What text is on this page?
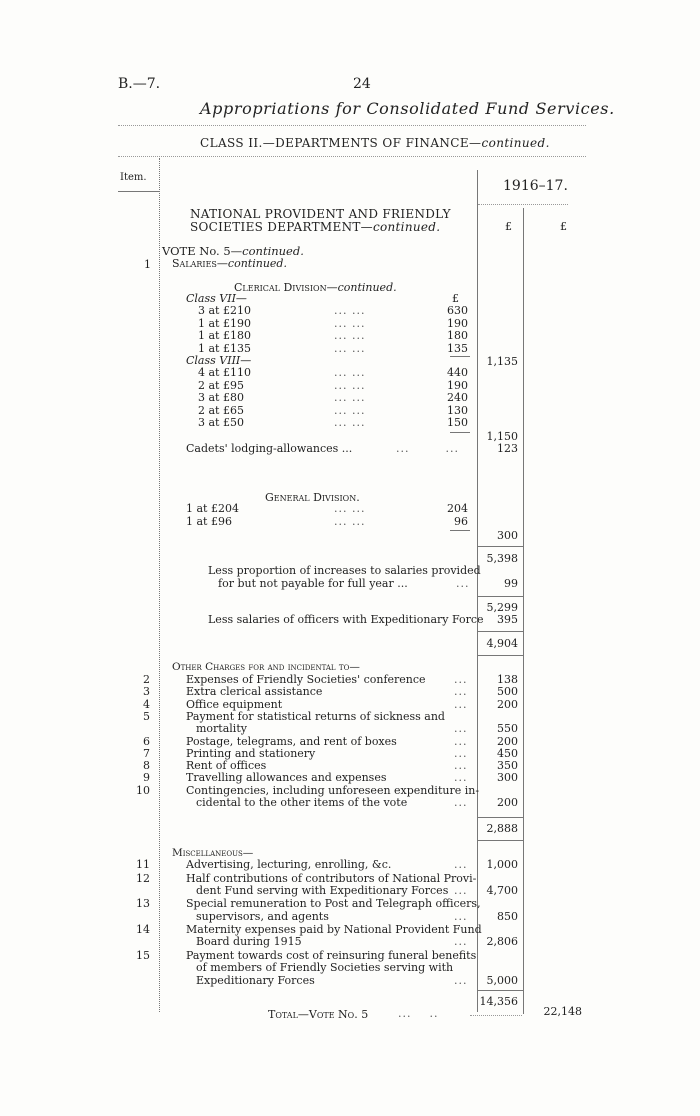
B.—7.	24
Appropriations for Consolidated Fund Services.
CLASS II.—DEPARTMENTS OF FINANCE—continued.
Item.
1916–17.
£	£
NATIONAL PROVIDENT AND FRIENDLY
SOCIETIES DEPARTMENT—continued.
VOTE No. 5—continued.
1 Salaries—continued.
Clerical Division—continued.
Class VII—	£
3 at £210	... ...	630
1 at £190	... ...	190
1 at £180	... ...	180
1 at £135	... ...	135
1,135
Class VIII—
4 at £110	... ...	440
2 at £95	... ...	190
3 at £80	... ...	240
2 at £65	... ...	130
3 at £50	... ...	150
1,150
Cadets' lodging-allowances ...	...        ...	123
General Division.
1 at £204	... ...	204
1 at £96	... ...	96
300
5,398
Less proportion of increases to salaries provided
for but not payable for full year ...	...	99
5,299
Less salaries of officers with Expeditionary Force	395
4,904
Other Charges for and incidental to—
2	Expenses of Friendly Societies' conference	...	138
3	Extra clerical assistance	...	500
4	Office equipment	...	200
5	Payment for statistical returns of sickness and
mortality	...	550
6	Postage, telegrams, and rent of boxes	...	200
7	Printing and stationery	...	450
8	Rent of offices	...	350
9	Travelling allowances and expenses	...	300
10	Contingencies, including unforeseen expenditure in-
cidental to the other items of the vote	...	200
2,888
Miscellaneous—
11	Advertising, lecturing, enrolling, &c.	...	1,000
12	Half contributions of contributors of National Provi-
dent Fund serving with Expeditionary Forces ...	4,700
13	Special remuneration to Post and Telegraph officers,
supervisors, and agents	...	850
14	Maternity expenses paid by National Provident Fund
Board during 1915	...	2,806
15	Payment towards cost of reinsuring funeral benefits
of members of Friendly Societies serving with
Expeditionary Forces	...	5,000
14,356
Total—Vote No. 5	...    ..	22,148
